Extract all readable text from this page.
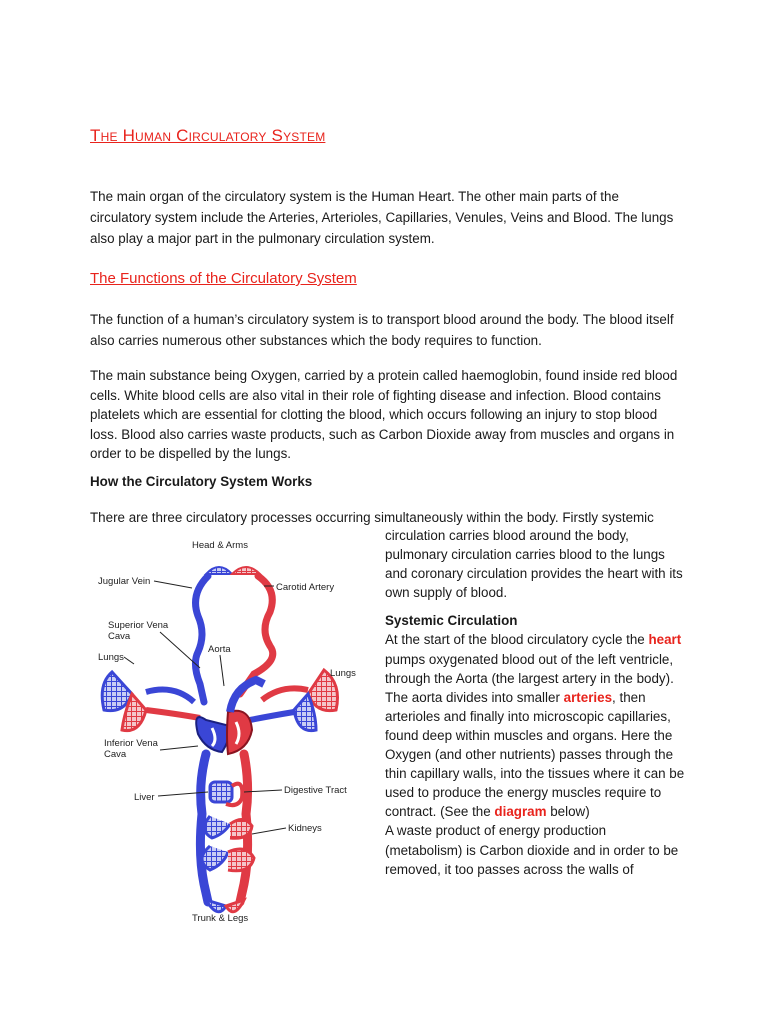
The Human Circulatory System

The main organ of the circulatory system is the Human Heart. The other main parts of the circulatory system include the Arteries, Arterioles, Capillaries, Venules, Veins and Blood. The lungs also play a major part in the pulmonary circulation system.

The Functions of the Circulatory System

The function of a human’s circulatory system is to transport blood around the body. The blood itself also carries numerous other substances which the body requires to function.

The main substance being Oxygen, carried by a protein called haemoglobin, found inside red blood cells. White blood cells are also vital in their role of fighting disease and infection. Blood contains platelets which are essential for clotting the blood, which occurs following an injury to stop blood loss. Blood also carries waste products, such as Carbon Dioxide away from muscles and organs in order to be dispelled by the lungs.

How the Circulatory System Works

There are three circulatory processes occurring simultaneously within the body. Firstly systemic

Head & Arms
Jugular Vein
Carotid Artery
Superior Vena
Cava
Aorta
Lungs
Lungs
Inferior Vena
Cava
Liver
Digestive Tract
Kidneys
Trunk & Legs

circulation carries blood around the body, pulmonary circulation carries blood to the lungs and coronary circulation provides the heart with its own supply of blood.

Systemic Circulation

At the start of the blood circulatory cycle the heart pumps oxygenated blood out of the left ventricle, through the Aorta (the largest artery in the body). The aorta divides into smaller arteries, then arterioles and finally into microscopic capillaries, found deep within muscles and organs. Here the Oxygen (and other nutrients) passes through the thin capillary walls, into the tissues where it can be used to produce the energy muscles require to contract. (See the diagram below)

A waste product of energy production (metabolism) is Carbon dioxide and in order to be removed, it too passes across the walls of
